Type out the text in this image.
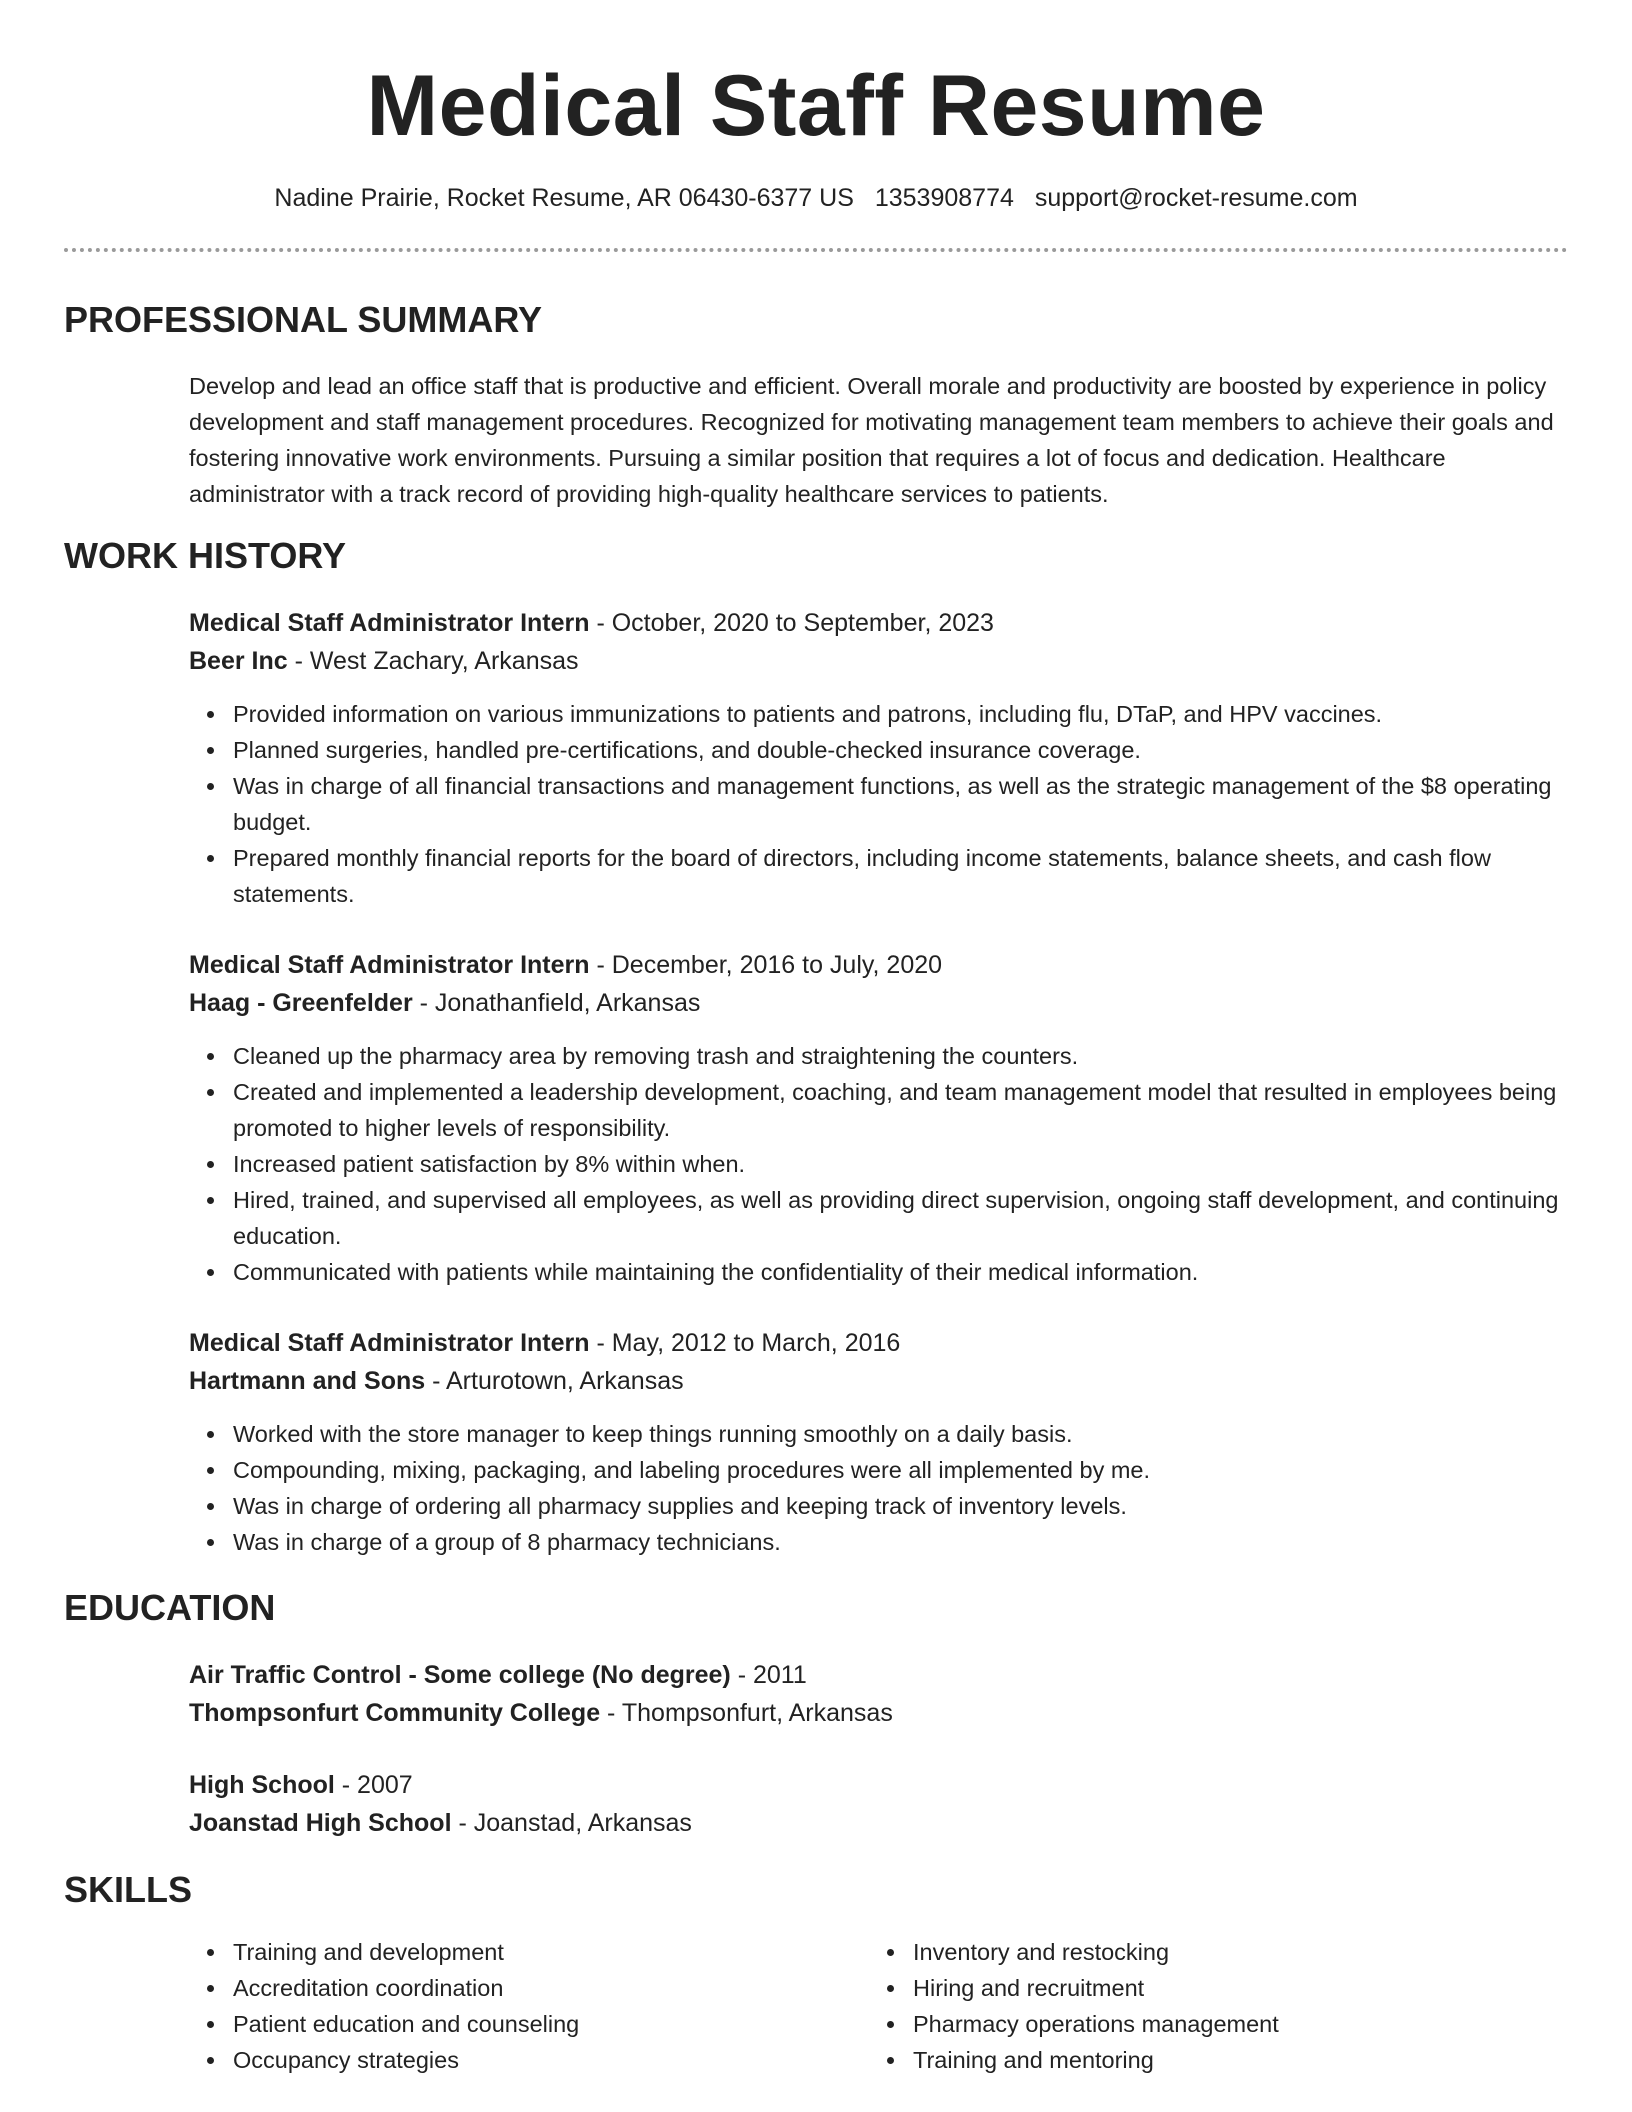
Medical Staff Resume
Nadine Prairie, Rocket Resume, AR 06430-6377 US 1353908774 support@rocket-resume.com
PROFESSIONAL SUMMARY
Develop and lead an office staff that is productive and efficient. Overall morale and productivity are boosted by experience in policy development and staff management procedures. Recognized for motivating management team members to achieve their goals and fostering innovative work environments. Pursuing a similar position that requires a lot of focus and dedication. Healthcare administrator with a track record of providing high-quality healthcare services to patients.
WORK HISTORY
Medical Staff Administrator Intern - October, 2020 to September, 2023
Beer Inc - West Zachary, Arkansas
Provided information on various immunizations to patients and patrons, including flu, DTaP, and HPV vaccines.
Planned surgeries, handled pre-certifications, and double-checked insurance coverage.
Was in charge of all financial transactions and management functions, as well as the strategic management of the $8 operating budget.
Prepared monthly financial reports for the board of directors, including income statements, balance sheets, and cash flow statements.
Medical Staff Administrator Intern - December, 2016 to July, 2020
Haag - Greenfelder - Jonathanfield, Arkansas
Cleaned up the pharmacy area by removing trash and straightening the counters.
Created and implemented a leadership development, coaching, and team management model that resulted in employees being promoted to higher levels of responsibility.
Increased patient satisfaction by 8% within when.
Hired, trained, and supervised all employees, as well as providing direct supervision, ongoing staff development, and continuing education.
Communicated with patients while maintaining the confidentiality of their medical information.
Medical Staff Administrator Intern - May, 2012 to March, 2016
Hartmann and Sons - Arturotown, Arkansas
Worked with the store manager to keep things running smoothly on a daily basis.
Compounding, mixing, packaging, and labeling procedures were all implemented by me.
Was in charge of ordering all pharmacy supplies and keeping track of inventory levels.
Was in charge of a group of 8 pharmacy technicians.
EDUCATION
Air Traffic Control - Some college (No degree) - 2011
Thompsonfurt Community College - Thompsonfurt, Arkansas
High School - 2007
Joanstad High School - Joanstad, Arkansas
SKILLS
Training and development
Accreditation coordination
Patient education and counseling
Occupancy strategies
Inventory and restocking
Hiring and recruitment
Pharmacy operations management
Training and mentoring
